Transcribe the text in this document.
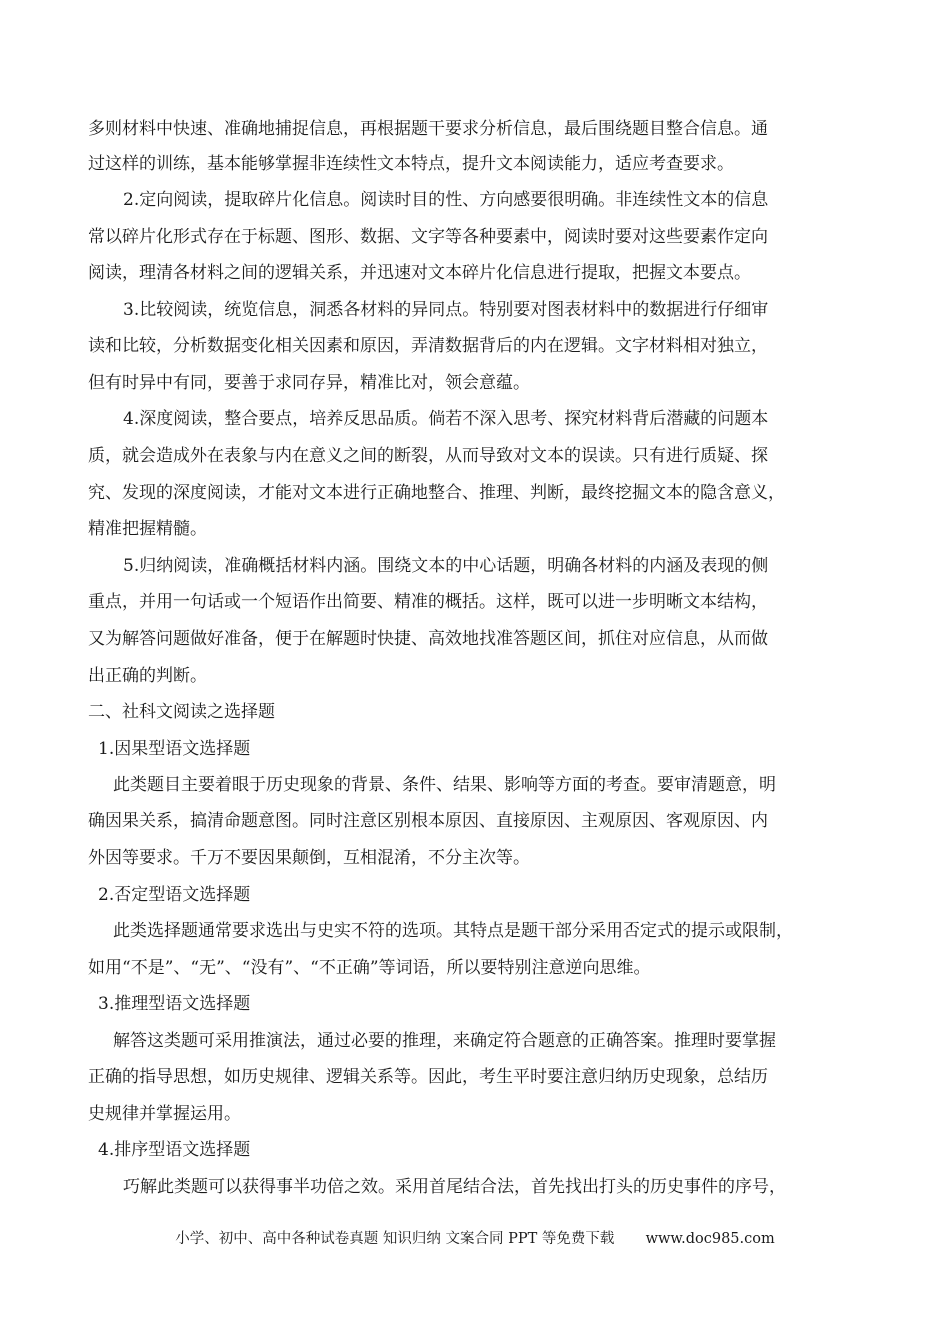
多则材料中快速、准确地捕捉信息，再根据题干要求分析信息，最后围绕题目整合信息。通
过这样的训练，基本能够掌握非连续性文本特点，提升文本阅读能力，适应考查要求。
2.定向阅读，提取碎片化信息。阅读时目的性、方向感要很明确。非连续性文本的信息
常以碎片化形式存在于标题、图形、数据、文字等各种要素中，阅读时要对这些要素作定向
阅读，理清各材料之间的逻辑关系，并迅速对文本碎片化信息进行提取，把握文本要点。
3.比较阅读，统览信息，洞悉各材料的异同点。特别要对图表材料中的数据进行仔细审
读和比较，分析数据变化相关因素和原因，弄清数据背后的内在逻辑。文字材料相对独立，
但有时异中有同，要善于求同存异，精准比对，领会意蕴。
4.深度阅读，整合要点，培养反思品质。倘若不深入思考、探究材料背后潜藏的问题本
质，就会造成外在表象与内在意义之间的断裂，从而导致对文本的误读。只有进行质疑、探
究、发现的深度阅读，才能对文本进行正确地整合、推理、判断，最终挖掘文本的隐含意义，
精准把握精髓。
5.归纳阅读，准确概括材料内涵。围绕文本的中心话题，明确各材料的内涵及表现的侧
重点，并用一句话或一个短语作出简要、精准的概括。这样，既可以进一步明晰文本结构，
又为解答问题做好准备，便于在解题时快捷、高效地找准答题区间，抓住对应信息，从而做
出正确的判断。
二、社科文阅读之选择题
1.因果型语文选择题
此类题目主要着眼于历史现象的背景、条件、结果、影响等方面的考查。要审清题意，明
确因果关系，搞清命题意图。同时注意区别根本原因、直接原因、主观原因、客观原因、内
外因等要求。千万不要因果颠倒，互相混淆，不分主次等。
2.否定型语文选择题
此类选择题通常要求选出与史实不符的选项。其特点是题干部分采用否定式的提示或限制，
如用“不是”、“无”、“没有”、“不正确”等词语，所以要特别注意逆向思维。
3.推理型语文选择题
解答这类题可采用推演法，通过必要的推理，来确定符合题意的正确答案。推理时要掌握
正确的指导思想，如历史规律、逻辑关系等。因此，考生平时要注意归纳历史现象，总结历
史规律并掌握运用。
4.排序型语文选择题
巧解此类题可以获得事半功倍之效。采用首尾结合法，首先找出打头的历史事件的序号，
小学、初中、高中各种试卷真题 知识归纳 文案合同 PPT 等免费下载 www.doc985.com
